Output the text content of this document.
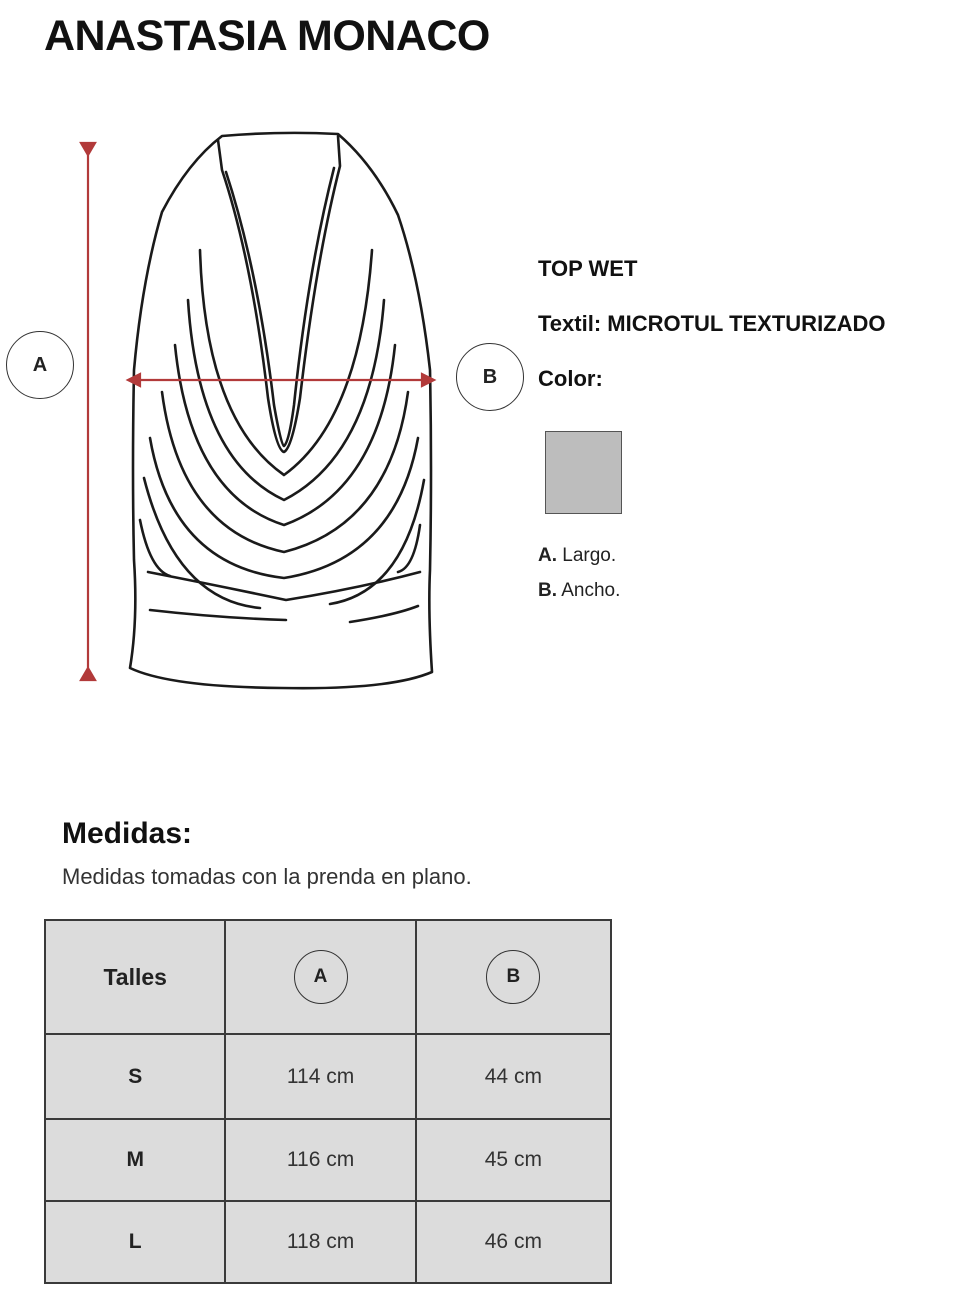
ANASTASIA MONACO
A
B
TOP WET
Textil: MICROTUL TEXTURIZADO
Color:
A. Largo.
B. Ancho.
Medidas:
Medidas tomadas con la prenda en plano.
Talles	A	B
S	114 cm	44 cm
M	116 cm	45 cm
L	118 cm	46 cm
